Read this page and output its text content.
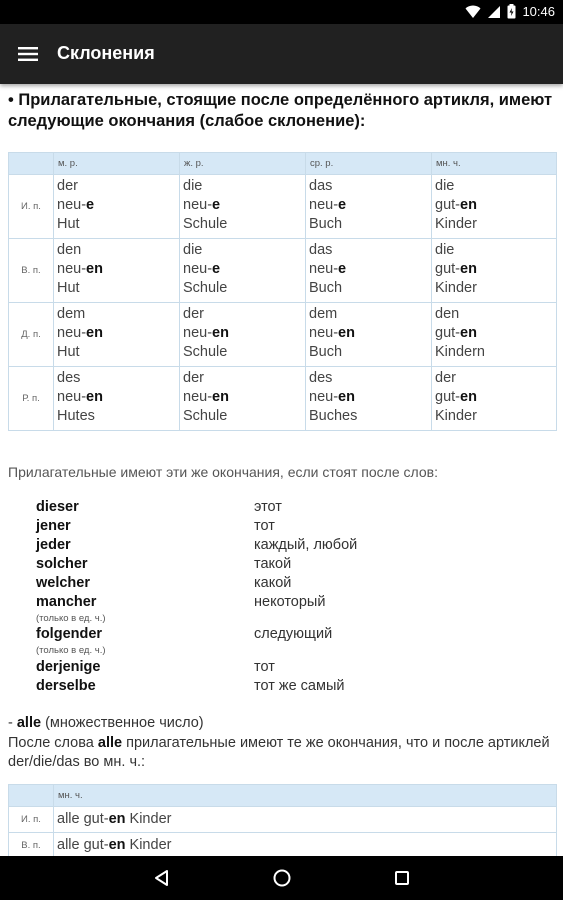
10:46
Склонения
• Прилагательные, стоящие после определённого артикля, имеют следующие окончания (слабое склонение):
	м. р.	ж. р.	ср. р.	мн. ч.
И. п.	der
neu-e
Hut	die
neu-e
Schule	das
neu-e
Buch	die
gut-en
Kinder

В. п.	den
neu-en
Hut	die
neu-e
Schule	das
neu-e
Buch	die
gut-en
Kinder

Д. п.	dem
neu-en
Hut	der
neu-en
Schule	dem
neu-en
Buch	den
gut-en
Kindern

Р. п.	des
neu-en
Hutes	der
neu-en
Schule	des
neu-en
Buches	der
gut-en
Kinder
Прилагательные имеют эти же окончания, если стоят после слов:
dieser	этот
jener	тот
jeder	каждый, любой
solcher	такой
welcher	какой
mancher	некоторый
(только в ед. ч.)
folgender	следующий
(только в ед. ч.)
derjenige	тот
derselbe	тот же самый
- alle (множественное число)
После слова alle прилагательные имеют те же окончания, что и после артиклей der/die/das во мн. ч.:
	мн. ч.
И. п.	alle gut-en Kinder
В. п.	alle gut-en Kinder
